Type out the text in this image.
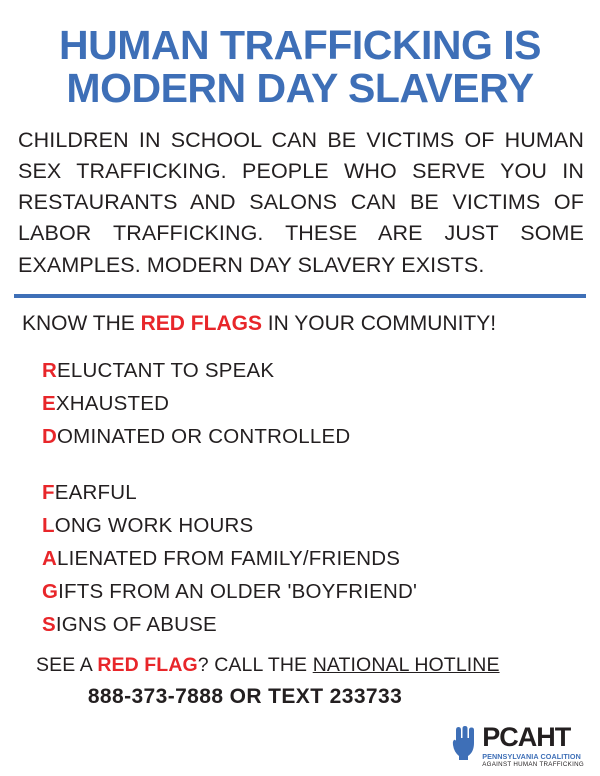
HUMAN TRAFFICKING IS
MODERN DAY SLAVERY

CHILDREN IN SCHOOL CAN BE VICTIMS OF HUMAN SEX TRAFFICKING. PEOPLE WHO SERVE YOU IN RESTAURANTS AND SALONS CAN BE VICTIMS OF LABOR TRAFFICKING. THESE ARE JUST SOME EXAMPLES. MODERN DAY SLAVERY EXISTS.

KNOW THE RED FLAGS IN YOUR COMMUNITY!

RELUCTANT TO SPEAK
EXHAUSTED
DOMINATED OR CONTROLLED
FEARFUL
LONG WORK HOURS
ALIENATED FROM FAMILY/FRIENDS
GIFTS FROM AN OLDER 'BOYFRIEND'
SIGNS OF ABUSE

SEE A RED FLAG? CALL THE NATIONAL HOTLINE

888-373-7888 OR TEXT 233733

PCAHT
PENNSYLVANIA COALITION
AGAINST HUMAN TRAFFICKING
